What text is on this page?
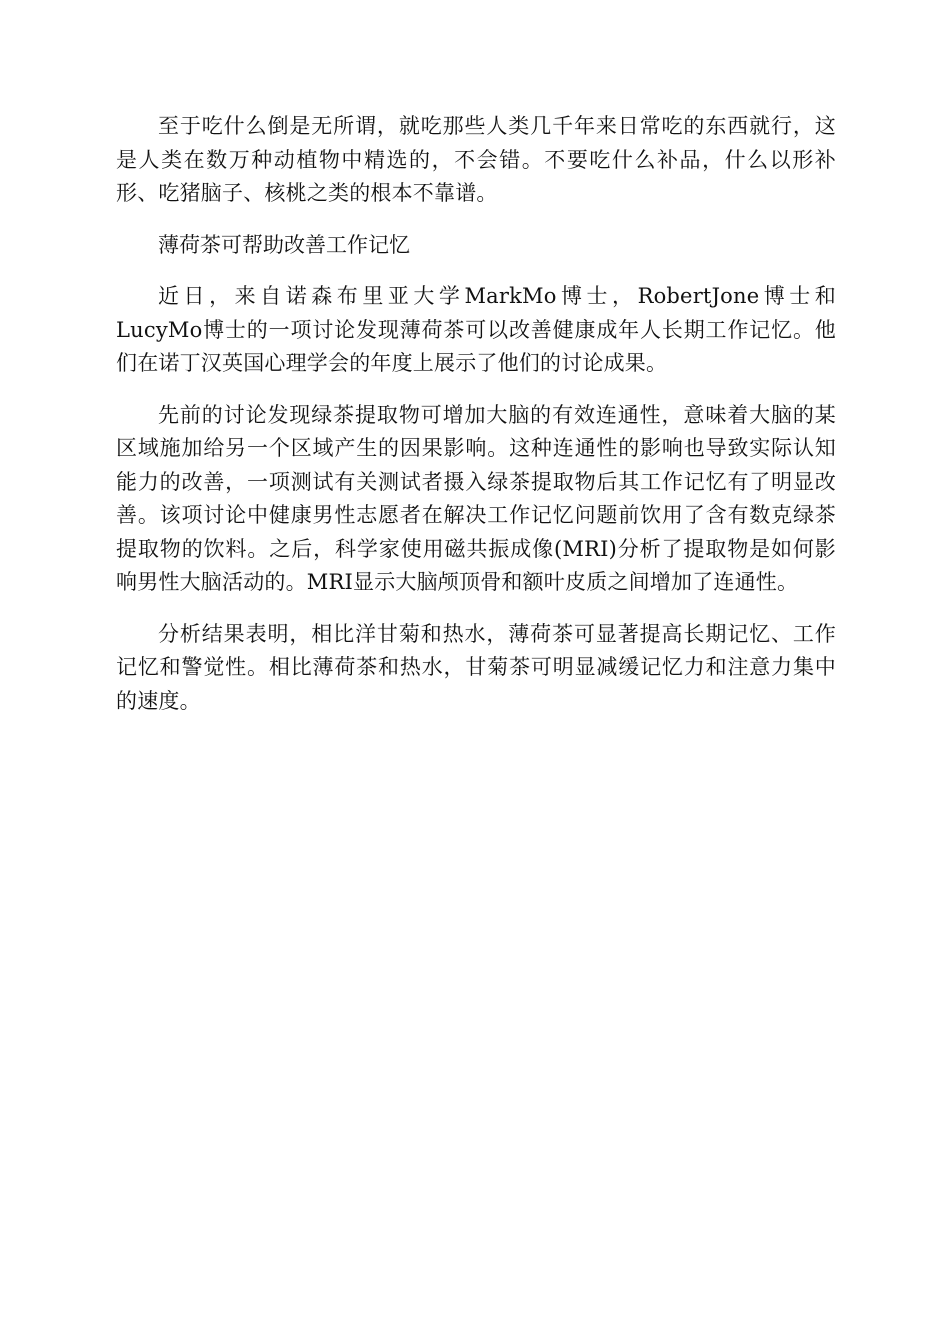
至于吃什么倒是无所谓，就吃那些人类几千年来日常吃的东西就行，这是人类在数万种动植物中精选的，不会错。不要吃什么补品，什么以形补形、吃猪脑子、核桃之类的根本不靠谱。

薄荷茶可帮助改善工作记忆

近日，来自诺森布里亚大学MarkMo博士，RobertJone博士和LucyMo博士的一项讨论发现薄荷茶可以改善健康成年人长期工作记忆。他们在诺丁汉英国心理学会的年度上展示了他们的讨论成果。

先前的讨论发现绿茶提取物可增加大脑的有效连通性，意味着大脑的某区域施加给另一个区域产生的因果影响。这种连通性的影响也导致实际认知能力的改善，一项测试有关测试者摄入绿茶提取物后其工作记忆有了明显改善。该项讨论中健康男性志愿者在解决工作记忆问题前饮用了含有数克绿茶提取物的饮料。之后，科学家使用磁共振成像(MRI)分析了提取物是如何影响男性大脑活动的。MRI显示大脑颅顶骨和额叶皮质之间增加了连通性。

分析结果表明，相比洋甘菊和热水，薄荷茶可显著提高长期记忆、工作记忆和警觉性。相比薄荷茶和热水，甘菊茶可明显减缓记忆力和注意力集中的速度。
